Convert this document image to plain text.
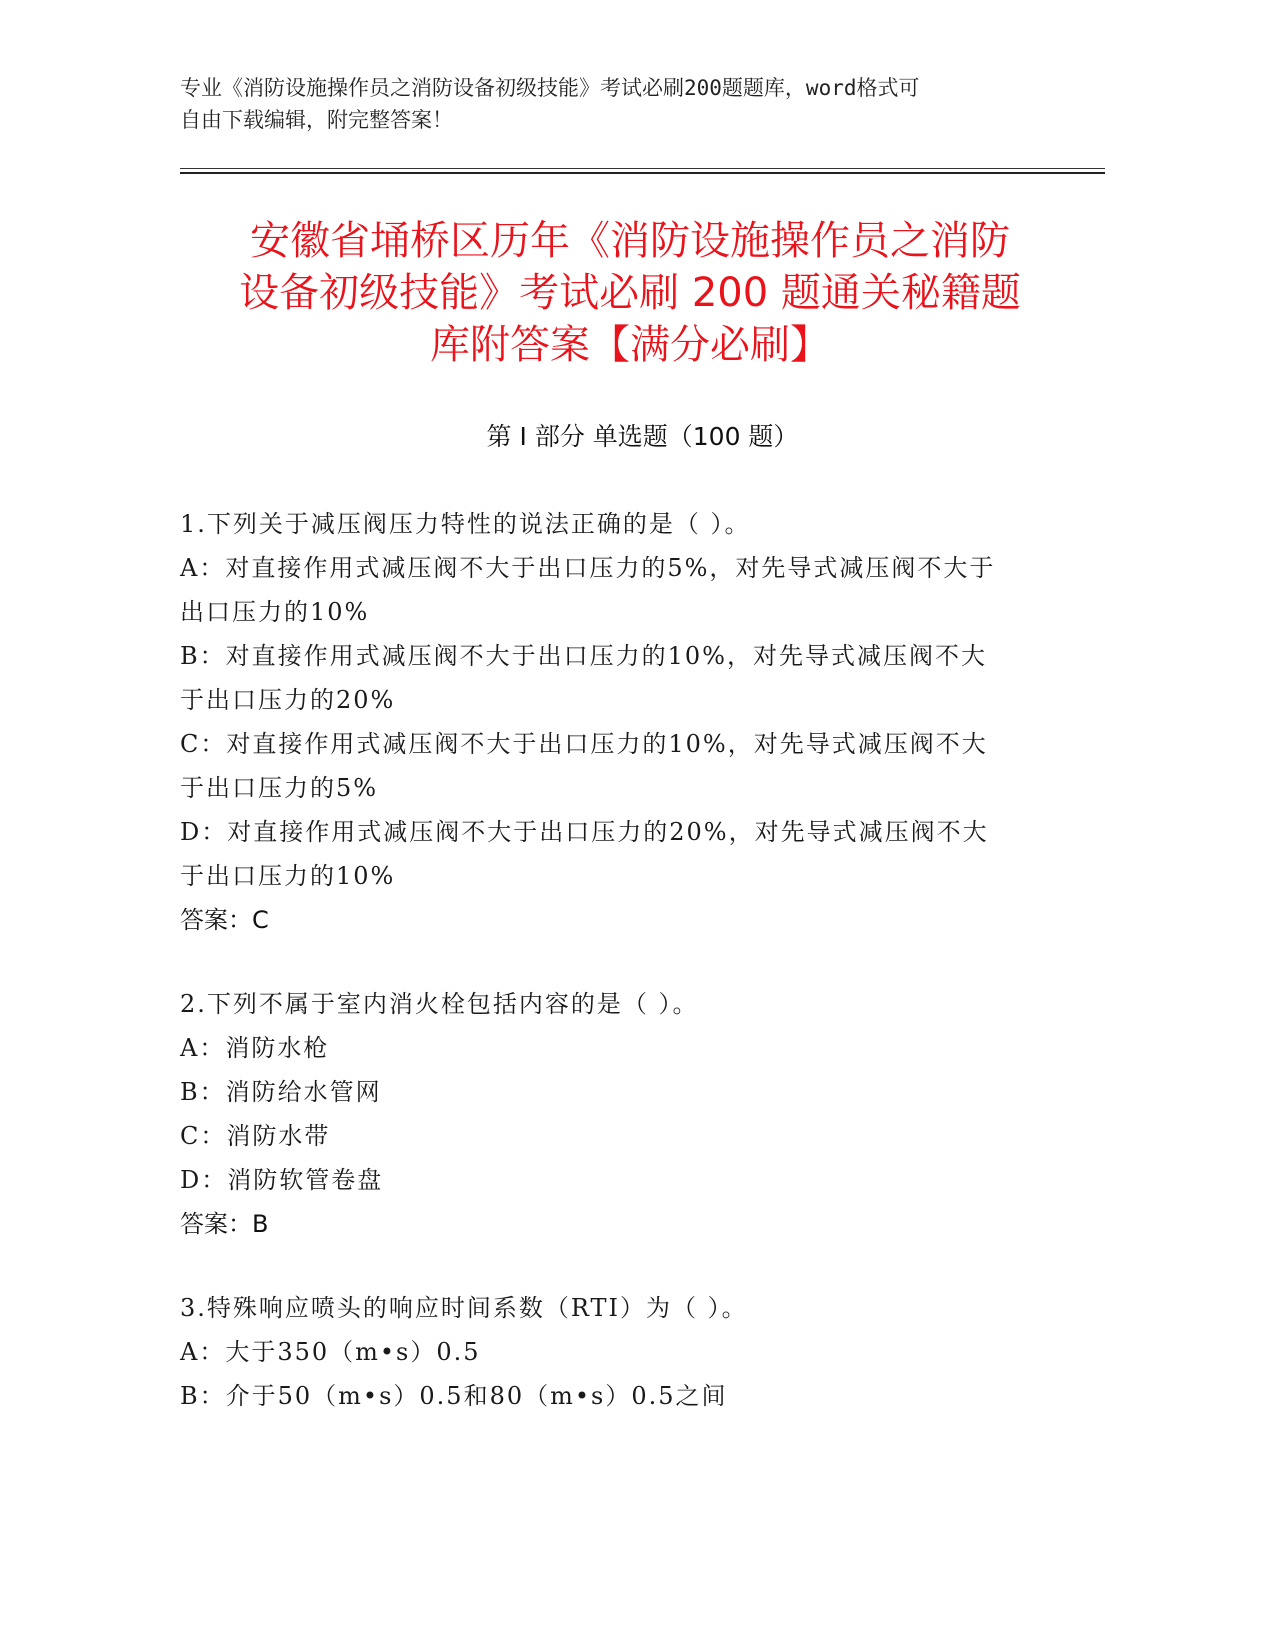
专业《消防设施操作员之消防设备初级技能》考试必刷200题题库，word格式可
自由下载编辑，附完整答案！
安徽省埇桥区历年《消防设施操作员之消防
设备初级技能》考试必刷 200 题通关秘籍题
库附答案【满分必刷】
第 I 部分 单选题（100 题）
1.下列关于减压阀压力特性的说法正确的是（ ）。
A：对直接作用式减压阀不大于出口压力的5%，对先导式减压阀不大于
出口压力的10%
B：对直接作用式减压阀不大于出口压力的10%，对先导式减压阀不大
于出口压力的20%
C：对直接作用式减压阀不大于出口压力的10%，对先导式减压阀不大
于出口压力的5%
D：对直接作用式减压阀不大于出口压力的20%，对先导式减压阀不大
于出口压力的10%
答案：C
2.下列不属于室内消火栓包括内容的是（ ）。
A：消防水枪
B：消防给水管网
C：消防水带
D：消防软管卷盘
答案：B
3.特殊响应喷头的响应时间系数（RTI）为（ ）。
A：大于350（m•s）0.5
B：介于50（m•s）0.5和80（m•s）0.5之间
